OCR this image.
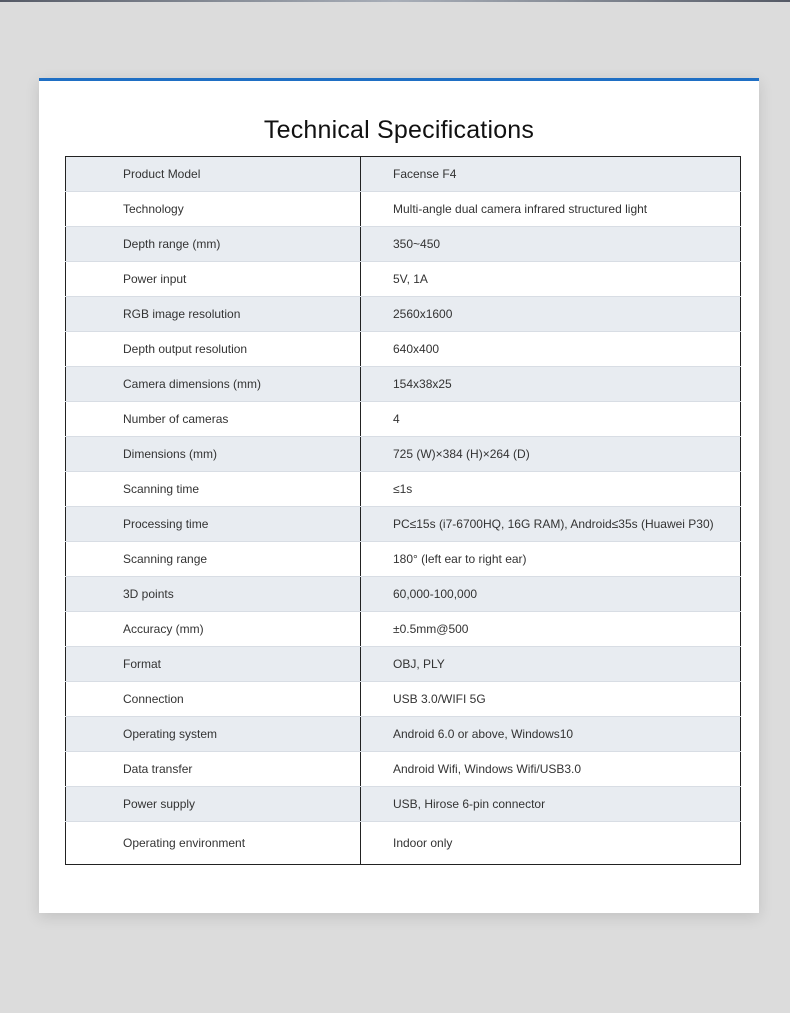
Technical Specifications
Product Model	Facense F4
Technology	Multi-angle dual camera infrared structured light
Depth range (mm)	350~450
Power input	5V, 1A
RGB image resolution	2560x1600
Depth output resolution	640x400
Camera dimensions (mm)	154x38x25
Number of cameras	4
Dimensions (mm)	725 (W)×384 (H)×264 (D)
Scanning time	≤1s
Processing time	PC≤15s (i7-6700HQ, 16G RAM), Android≤35s (Huawei P30)
Scanning range	180° (left ear to right ear)
3D points	60,000-100,000
Accuracy (mm)	±0.5mm@500
Format	OBJ, PLY
Connection	USB 3.0/WIFI 5G
Operating system	Android 6.0 or above, Windows10
Data transfer	Android Wifi, Windows Wifi/USB3.0
Power supply	USB, Hirose 6-pin connector
Operating environment	Indoor only
